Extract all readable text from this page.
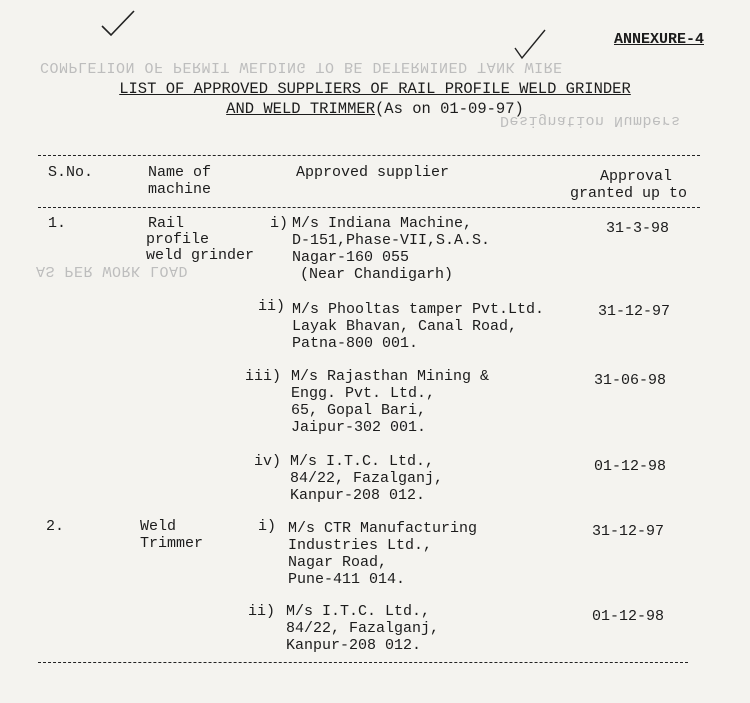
COMPLETION OF PERMIT WELDING TO BE DETERMINED TANK WIRE
Designation Numbers
AS PER WORK LOAD
ANNEXURE-4
LIST OF APPROVED SUPPLIERS OF RAIL PROFILE WELD GRINDER
AND WELD TRIMMER(As on 01-09-97)
S.No.	Name of
machine
Approved supplier	Approval
granted up to
1.	Rail
profile
weld grinder
i) M/s Indiana Machine,
D-151,Phase-VII,S.A.S.
Nagar-160 055
(Near Chandigarh)
31-3-98
ii) M/s Phooltas tamper Pvt.Ltd.
Layak Bhavan, Canal Road,
Patna-800 001.
31-12-97
iii) M/s Rajasthan Mining &
Engg. Pvt. Ltd.,
65, Gopal Bari,
Jaipur-302 001.
31-06-98
iv) M/s I.T.C. Ltd.,
84/22, Fazalganj,
Kanpur-208 012.
01-12-98
2.	Weld
Trimmer
i) M/s CTR Manufacturing
Industries Ltd.,
Nagar Road,
Pune-411 014.
31-12-97
ii) M/s I.T.C. Ltd.,
84/22, Fazalganj,
Kanpur-208 012.
01-12-98
